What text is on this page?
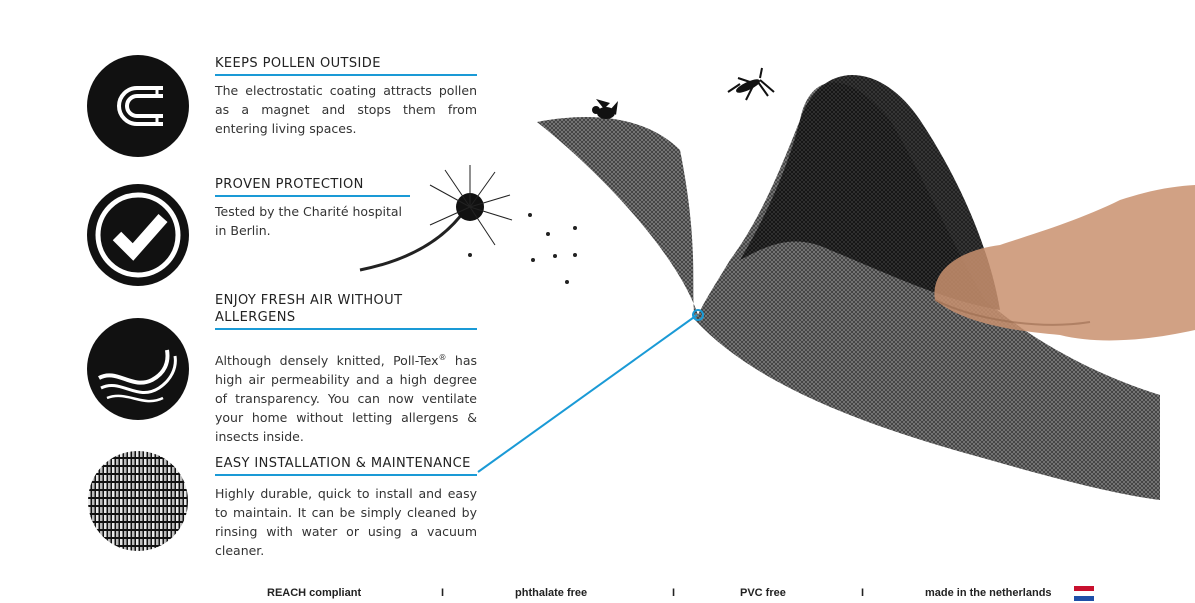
KEEPS POLLEN OUTSIDE
The electrostatic coating attracts pollen as a magnet and stops them from entering living spaces.
PROVEN PROTECTION
Tested by the Charité hospital in Berlin.
ENJOY FRESH AIR WITHOUT ALLERGENS
Although densely knitted, Poll-Tex® has high air permeability and a high degree of transparency. You can now ventilate your home without letting allergens & insects inside.
EASY INSTALLATION & MAINTENANCE
Highly durable, quick to install and easy to maintain. It can be simply cleaned by rinsing with water or using a vacuum cleaner.
REACH compliant	I	phthalate free	I	PVC free	I	made in the netherlands
